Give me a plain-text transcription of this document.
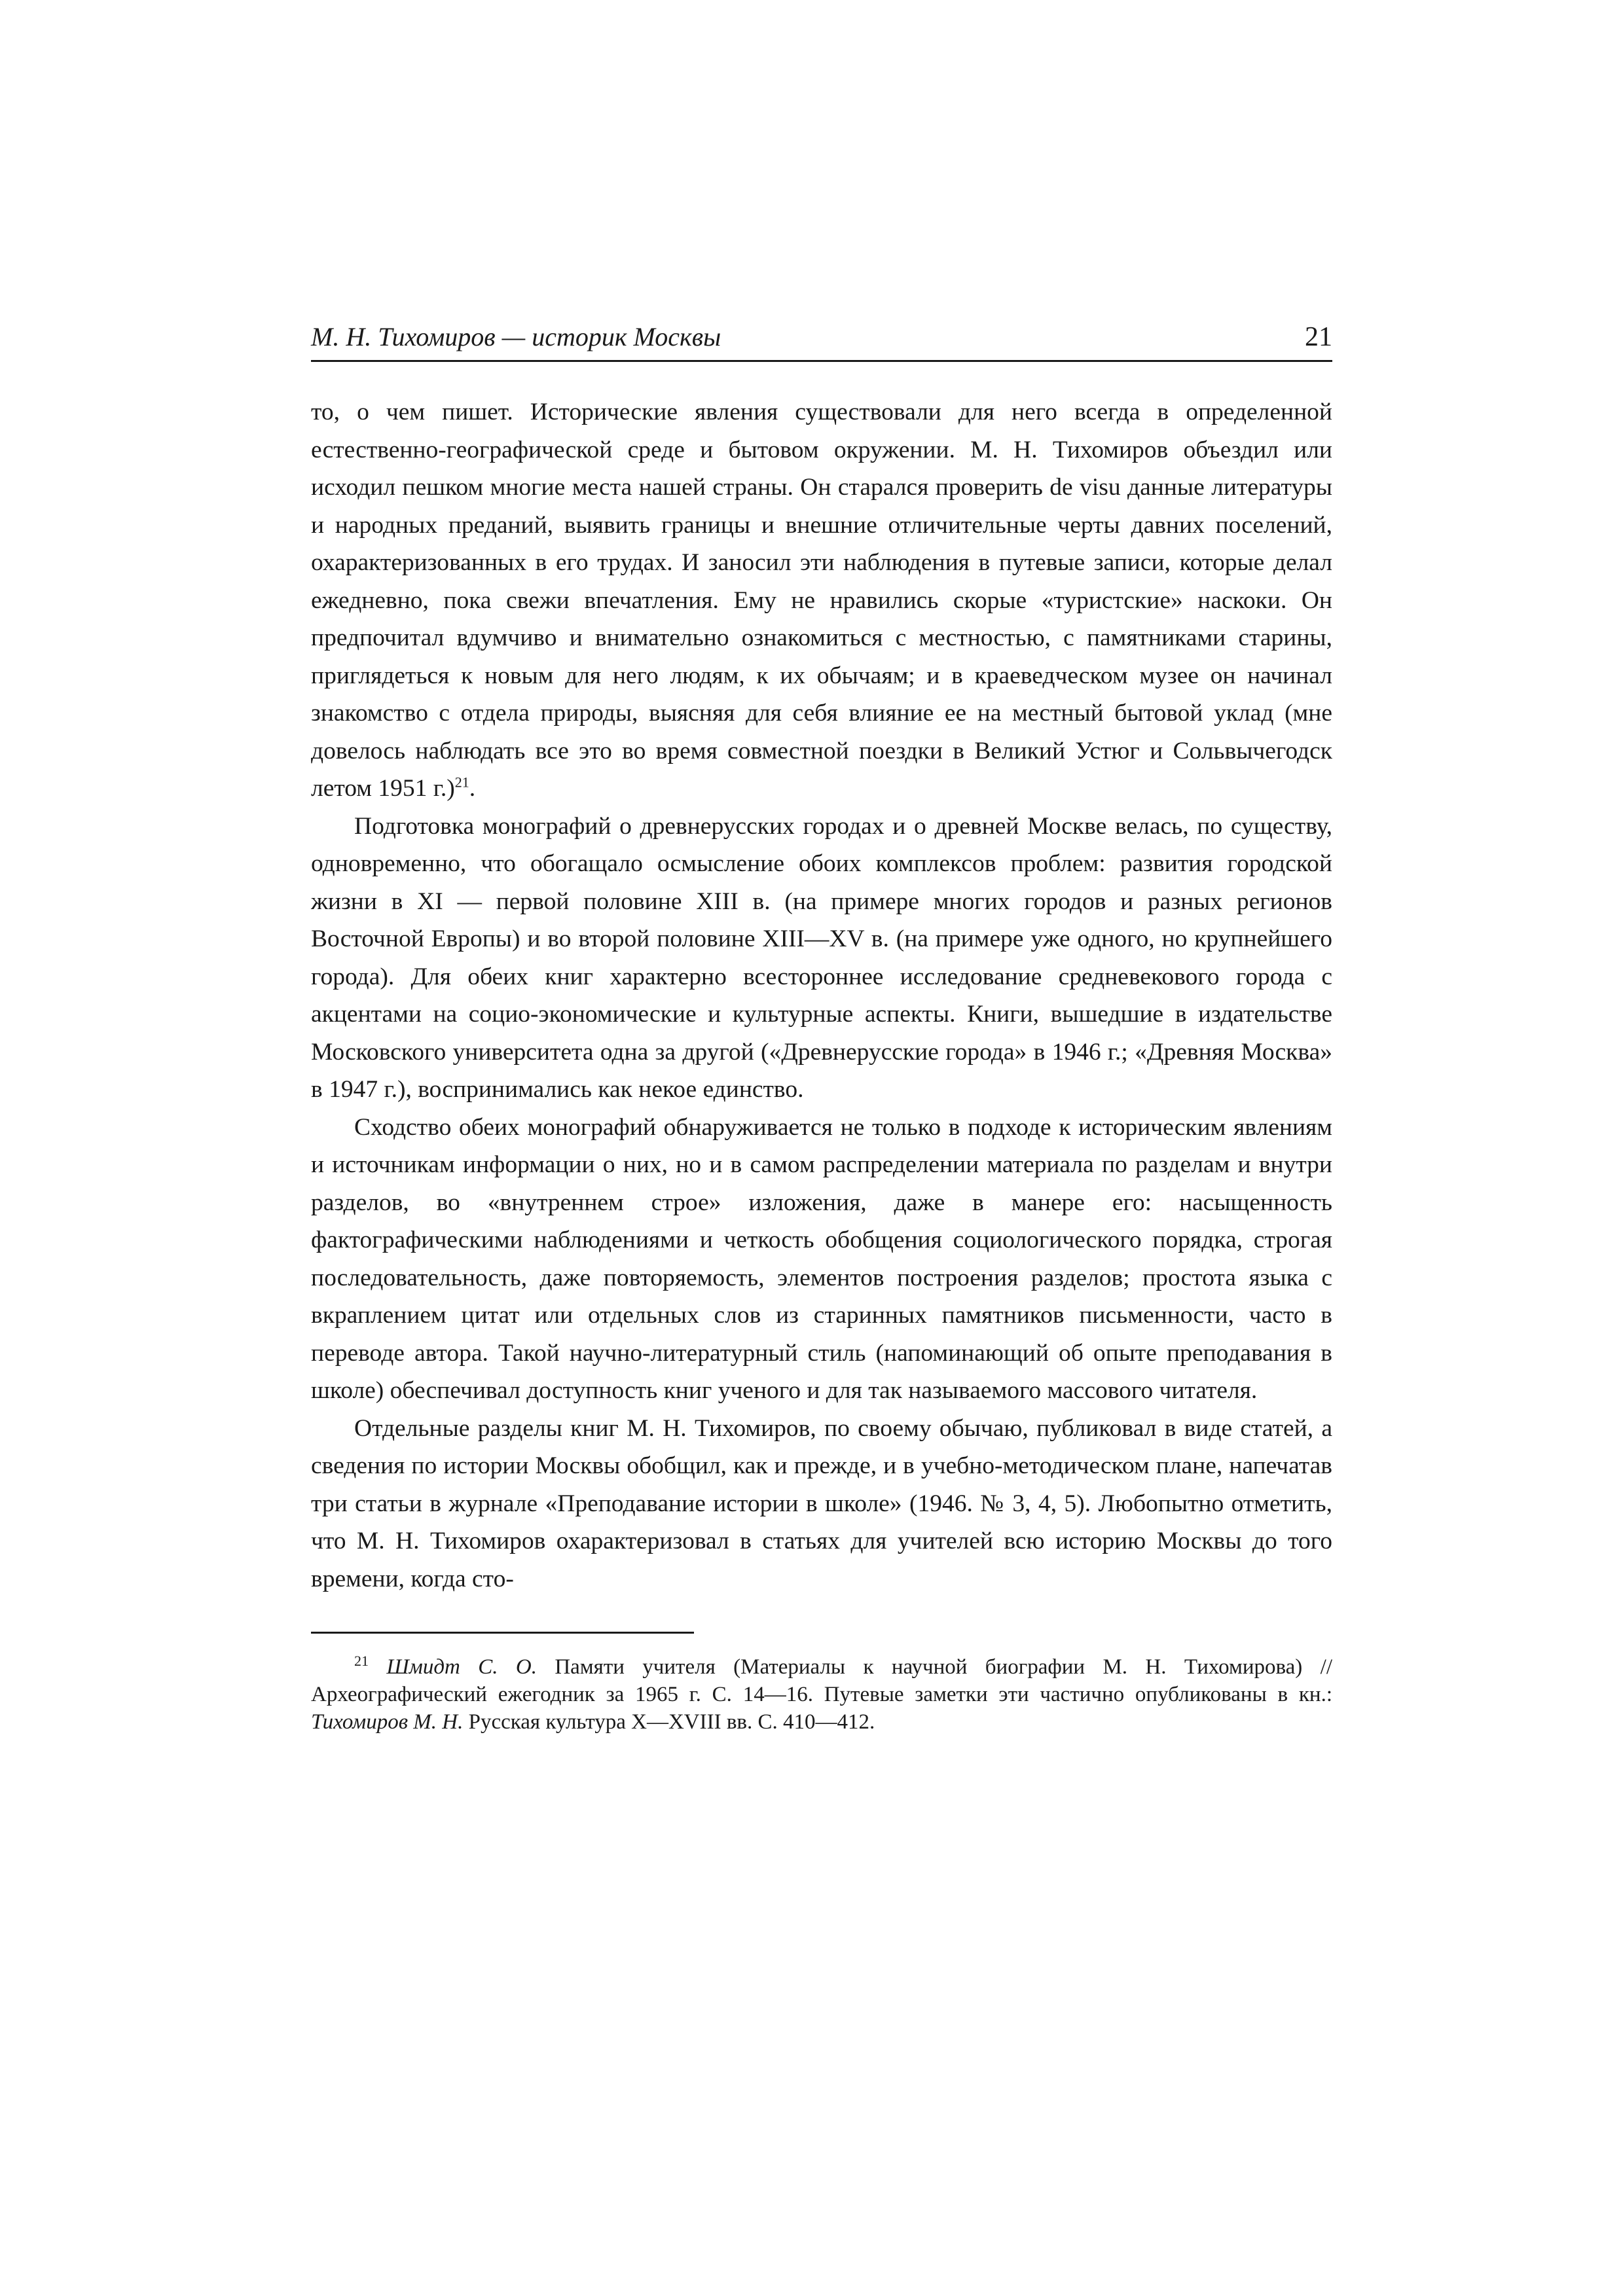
М. Н. Тихомиров — историк Москвы	21

то, о чем пишет. Исторические явления существовали для него всегда в определенной естественно-географической среде и бытовом окружении. М. Н. Тихомиров объездил или исходил пешком многие места нашей страны. Он старался проверить de visu данные литературы и народных преданий, выявить границы и внешние отличительные черты давних поселений, охарактеризованных в его трудах. И заносил эти наблюдения в путевые записи, которые делал ежедневно, пока свежи впечатления. Ему не нравились скорые «туристские» наскоки. Он предпочитал вдумчиво и внимательно ознакомиться с местностью, с памятниками старины, приглядеться к новым для него людям, к их обычаям; и в краеведческом музее он начинал знакомство с отдела природы, выясняя для себя влияние ее на местный бытовой уклад (мне довелось наблюдать все это во время совместной поездки в Великий Устюг и Сольвычегодск летом 1951 г.)$^{21}$.

Подготовка монографий о древнерусских городах и о древней Москве велась, по существу, одновременно, что обогащало осмысление обоих комплексов проблем: развития городской жизни в XI — первой половине XIII в. (на примере многих городов и разных регионов Восточной Европы) и во второй половине XIII—XV в. (на примере уже одного, но крупнейшего города). Для обеих книг характерно всестороннее исследование средневекового города с акцентами на социо-экономические и культурные аспекты. Книги, вышедшие в издательстве Московского университета одна за другой («Древнерусские города» в 1946 г.; «Древняя Москва» в 1947 г.), воспринимались как некое единство.

Сходство обеих монографий обнаруживается не только в подходе к историческим явлениям и источникам информации о них, но и в самом распределении материала по разделам и внутри разделов, во «внутреннем строе» изложения, даже в манере его: насыщенность фактографическими наблюдениями и четкость обобщения социологического порядка, строгая последовательность, даже повторяемость, элементов построения разделов; простота языка с вкраплением цитат или отдельных слов из старинных памятников письменности, часто в переводе автора. Такой научно-литературный стиль (напоминающий об опыте преподавания в школе) обеспечивал доступность книг ученого и для так называемого массового читателя.

Отдельные разделы книг М. Н. Тихомиров, по своему обычаю, публиковал в виде статей, а сведения по истории Москвы обобщил, как и прежде, и в учебно-методическом плане, напечатав три статьи в журнале «Преподавание истории в школе» (1946. № 3, 4, 5). Любопытно отметить, что М. Н. Тихомиров охарактеризовал в статьях для учителей всю историю Москвы до того времени, когда сто-

$^{21}$ Шмидт С. О. Памяти учителя (Материалы к научной биографии М. Н. Тихомирова) // Археографический ежегодник за 1965 г. С. 14—16. Путевые заметки эти частично опубликованы в кн.: Тихомиров М. Н. Русская культура X—XVIII вв. С. 410—412.
